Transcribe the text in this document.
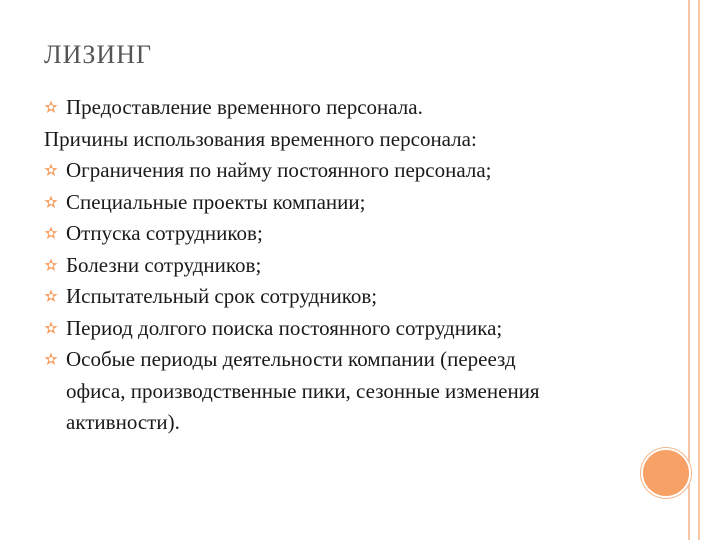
ЛИЗИНГ
Предоставление временного персонала.
Причины использования временного персонала:
Ограничения по найму постоянного персонала;
Специальные проекты компании;
Отпуска сотрудников;
Болезни сотрудников;
Испытательный срок сотрудников;
Период долгого поиска постоянного сотрудника;
Особые периоды деятельности компании (переезд офиса, производственные пики, сезонные изменения активности).
